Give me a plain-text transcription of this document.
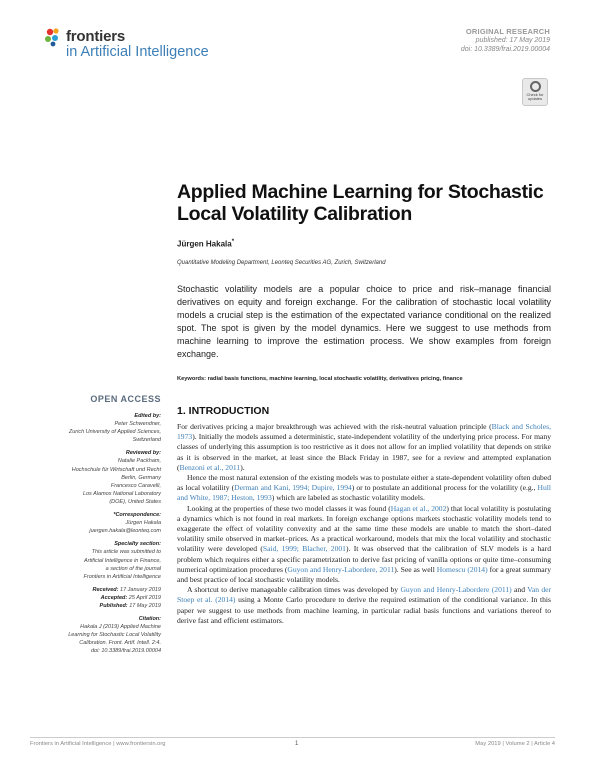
frontiers
in Artificial Intelligence
ORIGINAL RESEARCH
published: 17 May 2019
doi: 10.3389/frai.2019.00004
Check for updates
Applied Machine Learning for Stochastic Local Volatility Calibration
Jürgen Hakala*
Quantitative Modeling Department, Leonteq Securities AG, Zurich, Switzerland
Stochastic volatility models are a popular choice to price and risk–manage financial derivatives on equity and foreign exchange. For the calibration of stochastic local volatility models a crucial step is the estimation of the expectated variance conditional on the realized spot. The spot is given by the model dynamics. Here we suggest to use methods from machine learning to improve the estimation process. We show examples from foreign exchange.
Keywords: radial basis functions, machine learning, local stochastic volatility, derivatives pricing, finance
OPEN ACCESS
Edited by:
Peter Schwendner,
Zurich University of Applied Sciences,
Switzerland
Reviewed by:
Natalie Packham,
Hochschule für Wirtschaft und Recht
Berlin, Germany
Francesco Caravelli,
Los Alamos National Laboratory
(DOE), United States
*Correspondence:
Jürgen Hakala
juergen.hakala@leonteq.com
Specialty section:
This article was submitted to
Artificial Intelligence in Finance,
a section of the journal
Frontiers in Artificial Intelligence
Received: 17 January 2019
Accepted: 25 April 2019
Published: 17 May 2019
Citation:
Hakala J (2019) Applied Machine
Learning for Stochastic Local Volatility
Calibration. Front. Artif. Intell. 2:4.
doi: 10.3389/frai.2019.00004
1. INTRODUCTION

For derivatives pricing a major breakthrough was achieved with the risk-neutral valuation principle (Black and Scholes, 1973). Initially the models assumed a deterministic, state-independent volatility of the underlying price process. For many classes of underlying this assumption is too restrictive as it does not allow for an implied volatility that depends on strike as it is observed in the market, at least since the Black Friday in 1987, see for a review and attempted explanation (Benzoni et al., 2011).

Hence the most natural extension of the existing models was to postulate either a state-dependent volatility often dubed as local volatility (Derman and Kani, 1994; Dupire, 1994) or to postulate an additional process for the volatility (e.g., Hull and White, 1987; Heston, 1993) which are labeled as stochastic volatility models.

Looking at the properties of these two model classes it was found (Hagan et al., 2002) that local volatility is postulating a dynamics which is not found in real markets. In foreign exchange options markets stochastic volatility models tend to exaggerate the effect of volatility convexity and at the same time these models are unable to match the short–dated volatility smile observed in market–prices. As a practical workaround, models that mix the local volatility and stochastic volatility were developed (Said, 1999; Blacher, 2001). It was observed that the calibration of SLV models is a hard problem which requires either a specific parametrization to derive fast pricing of vanilla options or quite time–consuming numerical optimization procedures (Guyon and Henry-Labordere, 2011). See as well Homescu (2014) for a great summary and best practice of local stochastic volatility models.

A shortcut to derive manageable calibration times was developed by Guyon and Henry-Labordere (2011) and Van der Stoep et al. (2014) using a Monte Carlo procedure to derive the required estimation of the conditional variance. In this paper we suggest to use methods from machine learning, in particular radial basis functions and variations thereof to derive fast and efficient estimators.

Frontiers in Artificial Intelligence | www.frontiersin.org	1	May 2019 | Volume 2 | Article 4
